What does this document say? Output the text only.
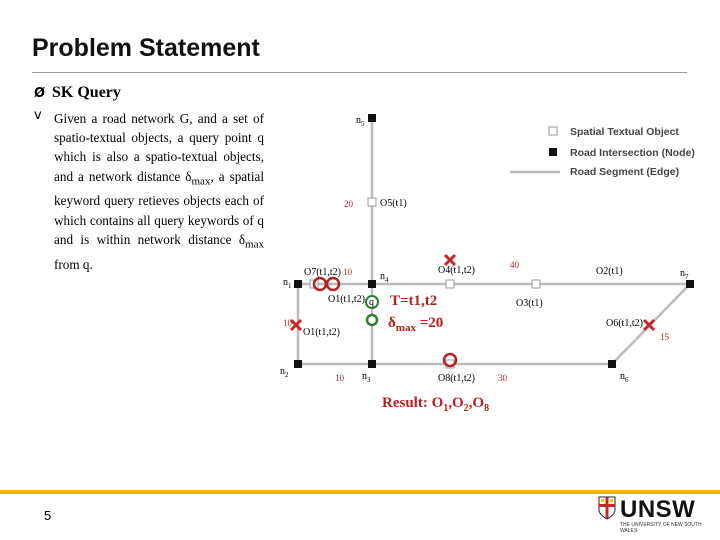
Problem Statement
Ø SK Query
v Given a road network G, and a set of spatio-textual objects, a query point q which is also a spatio-textual objects, and a network distance $\delta_{max}$, a spatial keyword query retieves objects each of which contains all query keywords of q and is within network distance $\delta_{max}$ from q.
Spatial Textual Object
Road Intersection (Node)
Road Segment (Edge)
$n_5$
$n_1$
$n_4$
$n_7$
$n_2$	$n_3$	$n_6$
20
10
40
10
15
10	30
O5(t1)
O4(t1,t2)	O2(t1)
O3(t1)
O7(t1,t2)
O1(t1,t2)
O1(t1,t2)
O6(t1,t2)
O8(t1,t2)
q T=t1,t2
$\delta_{max} =20$
Result: $O_1,O_2,O_8$
5	UNSW
THE UNIVERSITY OF NEW SOUTH WALES
